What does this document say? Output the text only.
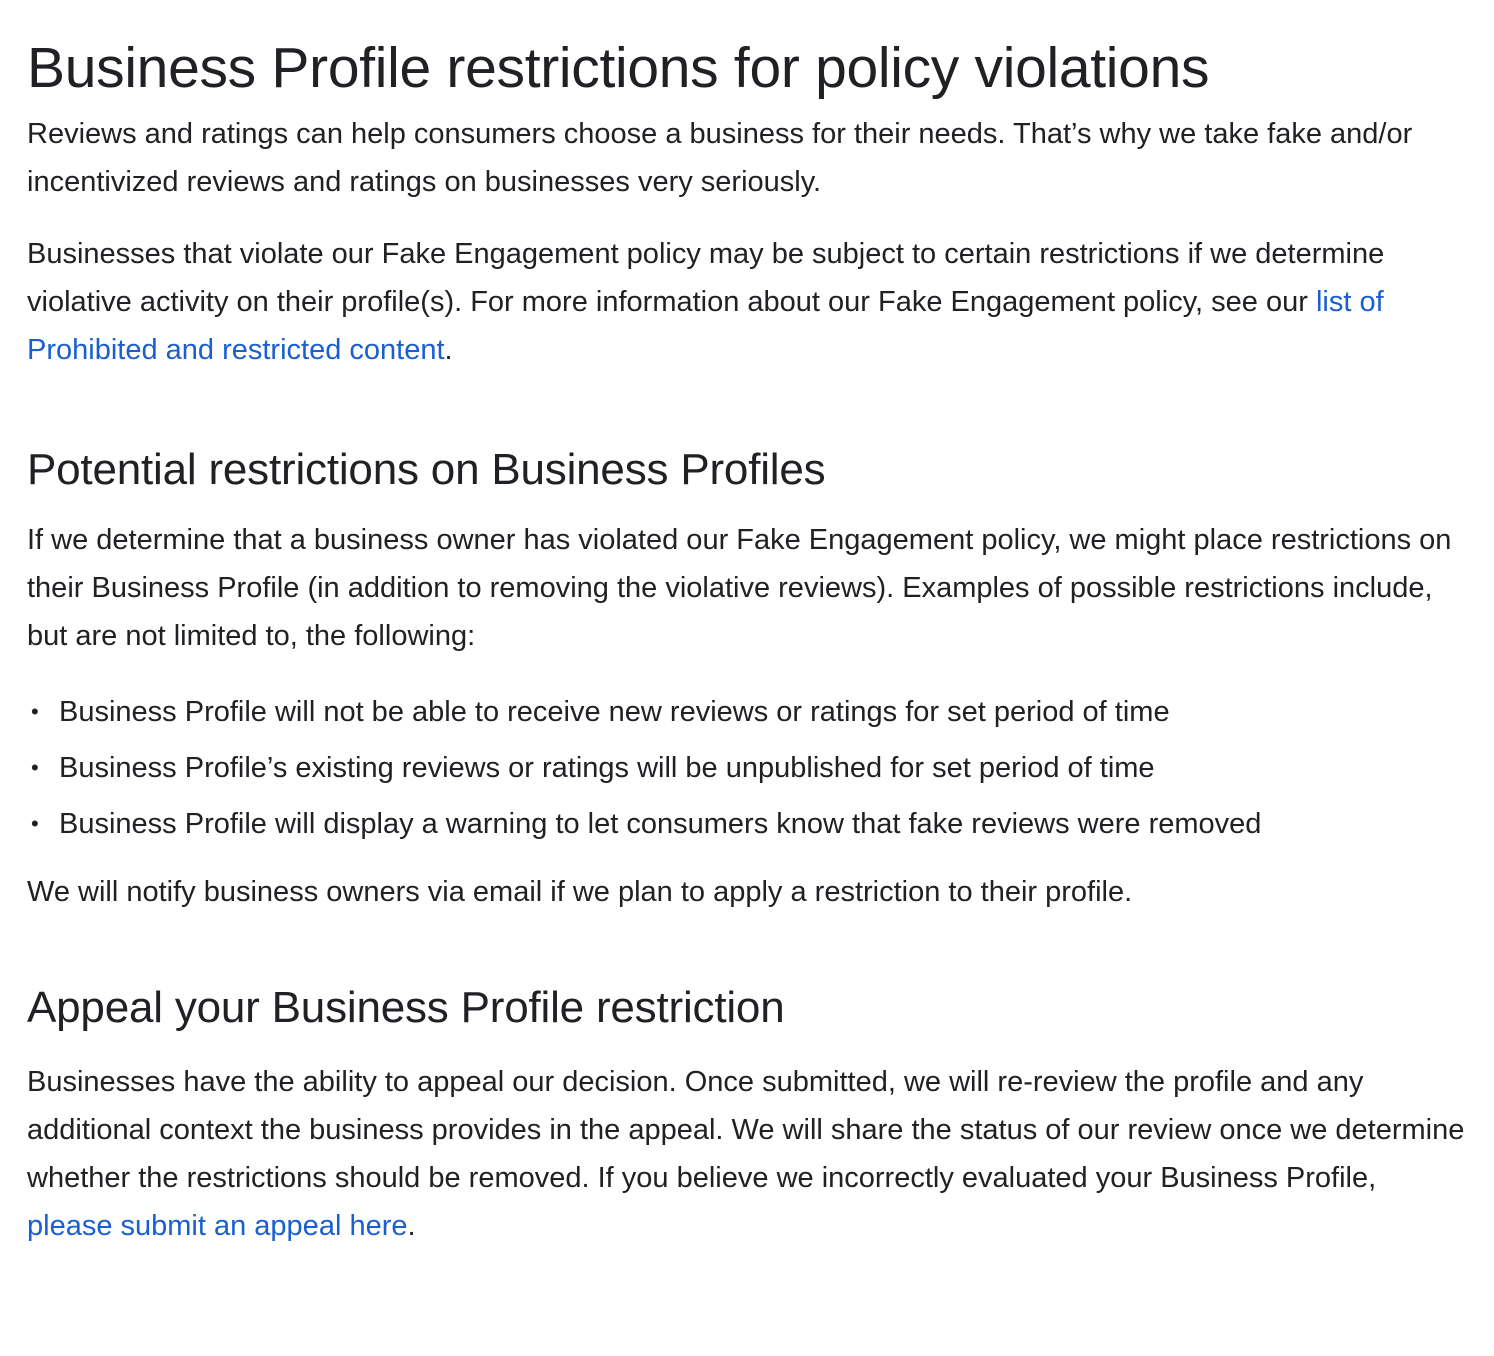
Business Profile restrictions for policy violations

Reviews and ratings can help consumers choose a business for their needs. That’s why we take fake and/or incentivized reviews and ratings on businesses very seriously.

Businesses that violate our Fake Engagement policy may be subject to certain restrictions if we determine violative activity on their profile(s). For more information about our Fake Engagement policy, see our list of Prohibited and restricted content.

Potential restrictions on Business Profiles

If we determine that a business owner has violated our Fake Engagement policy, we might place restrictions on their Business Profile (in addition to removing the violative reviews). Examples of possible restrictions include, but are not limited to, the following:

• Business Profile will not be able to receive new reviews or ratings for set period of time
• Business Profile’s existing reviews or ratings will be unpublished for set period of time
• Business Profile will display a warning to let consumers know that fake reviews were removed

We will notify business owners via email if we plan to apply a restriction to their profile.

Appeal your Business Profile restriction

Businesses have the ability to appeal our decision. Once submitted, we will re-review the profile and any additional context the business provides in the appeal. We will share the status of our review once we determine whether the restrictions should be removed. If you believe we incorrectly evaluated your Business Profile, please submit an appeal here.
